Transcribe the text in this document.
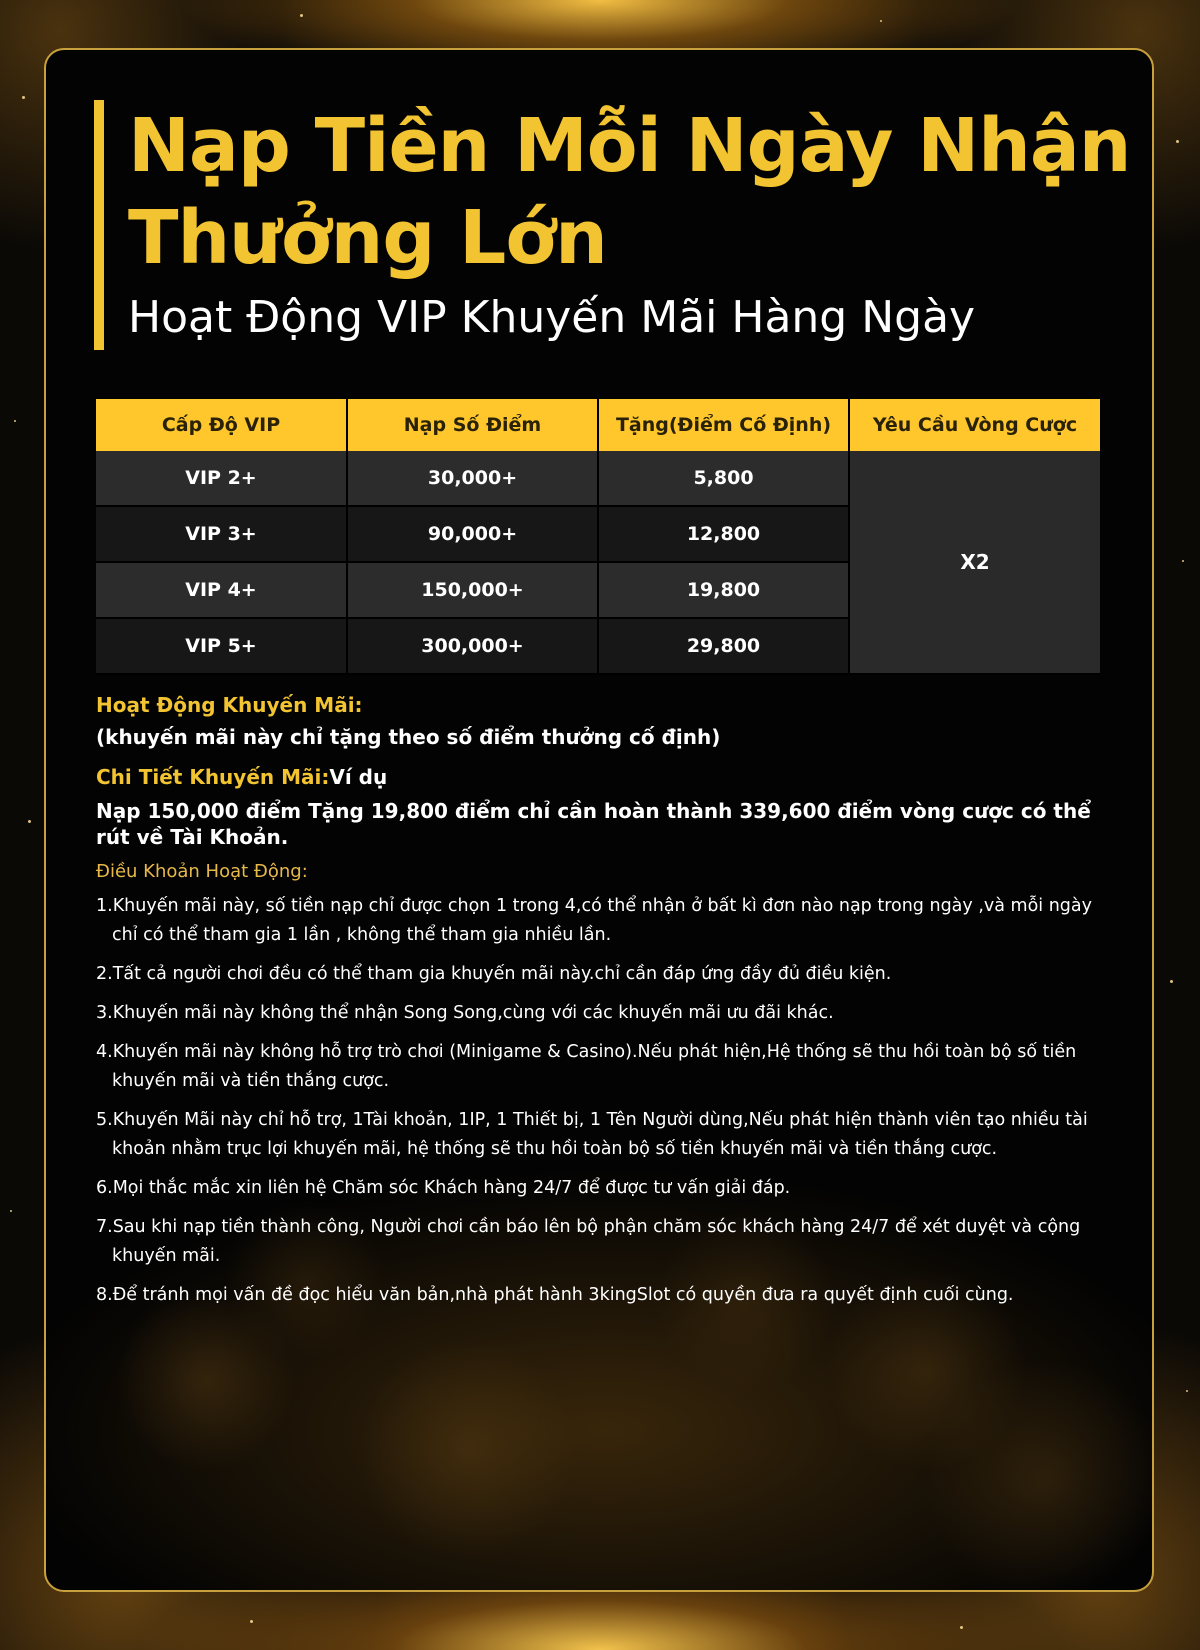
Nạp Tiền Mỗi Ngày Nhận
Thưởng Lớn
Hoạt Động VIP Khuyến Mãi Hàng Ngày
Cấp Độ VIP	Nạp Số Điểm	Tặng(Điểm Cố Định)	Yêu Cầu Vòng Cược
VIP 2+	30,000+	5,800	X2
VIP 3+	90,000+	12,800	
VIP 4+	150,000+	19,800	
VIP 5+	300,000+	29,800	
Hoạt Động Khuyến Mãi:
(khuyến mãi này chỉ tặng theo số điểm thưởng cố định)
Chi Tiết Khuyến Mãi:Ví dụ
Nạp 150,000 điểm Tặng 19,800 điểm chỉ cần hoàn thành 339,600 điểm vòng cược có thể rút về Tài Khoản.
Điều Khoản Hoạt Động:
1.Khuyến mãi này, số tiền nạp chỉ được chọn 1 trong 4,có thể nhận ở bất kì đơn nào nạp trong ngày ,và mỗi ngày chỉ có thể tham gia 1 lần , không thể tham gia nhiều lần.
2.Tất cả người chơi đều có thể tham gia khuyến mãi này.chỉ cần đáp ứng đầy đủ điều kiện.
3.Khuyến mãi này không thể nhận Song Song,cùng với các khuyến mãi ưu đãi khác.
4.Khuyến mãi này không hỗ trợ trò chơi (Minigame & Casino).Nếu phát hiện,Hệ thống sẽ thu hồi toàn bộ số tiền khuyến mãi và tiền thắng cược.
5.Khuyến Mãi này chỉ hỗ trợ, 1Tài khoản, 1IP, 1 Thiết bị, 1 Tên Người dùng,Nếu phát hiện thành viên tạo nhiều tài khoản nhằm trục lợi khuyến mãi, hệ thống sẽ thu hồi toàn bộ số tiền khuyến mãi và tiền thắng cược.
6.Mọi thắc mắc xin liên hệ Chăm sóc Khách hàng 24/7 để được tư vấn giải đáp.
7.Sau khi nạp tiền thành công, Người chơi cần báo lên bộ phận chăm sóc khách hàng 24/7 để xét duyệt và cộng khuyến mãi.
8.Để tránh mọi vấn đề đọc hiểu văn bản,nhà phát hành 3kingSlot có quyền đưa ra quyết định cuối cùng.
